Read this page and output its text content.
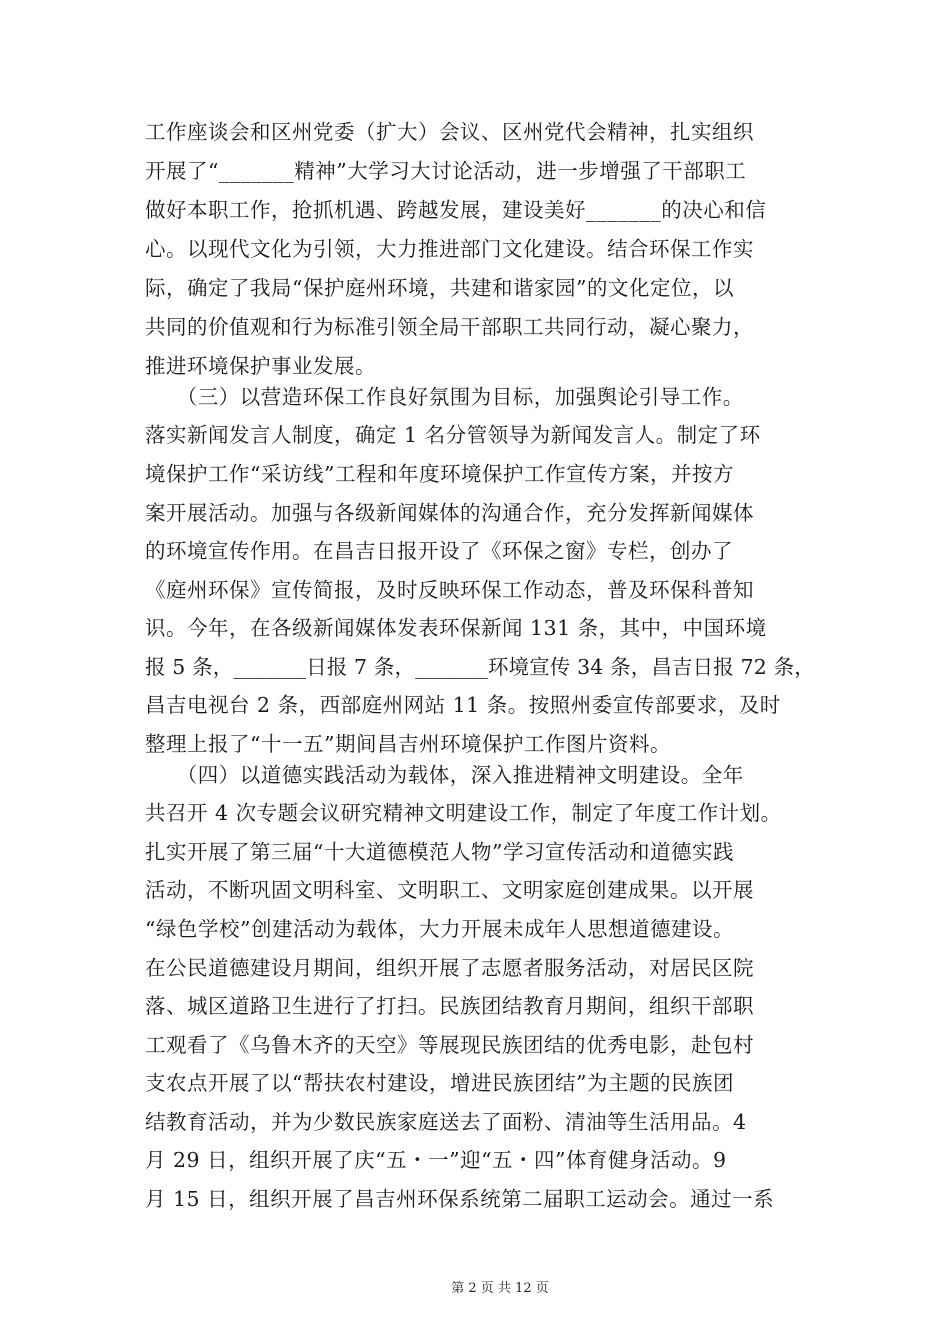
工作座谈会和区州党委（扩大）会议、区州党代会精神，扎实组织
开展了“_______精神”大学习大讨论活动，进一步增强了干部职工
做好本职工作，抢抓机遇、跨越发展，建设美好_______的决心和信
心。以现代文化为引领，大力推进部门文化建设。结合环保工作实
际，确定了我局“保护庭州环境，共建和谐家园”的文化定位，以
共同的价值观和行为标准引领全局干部职工共同行动，凝心聚力，
推进环境保护事业发展。
　　（三）以营造环保工作良好氛围为目标，加强舆论引导工作。
落实新闻发言人制度，确定 1 名分管领导为新闻发言人。制定了环
境保护工作“采访线”工程和年度环境保护工作宣传方案，并按方
案开展活动。加强与各级新闻媒体的沟通合作，充分发挥新闻媒体
的环境宣传作用。在昌吉日报开设了《环保之窗》专栏，创办了
《庭州环保》宣传简报，及时反映环保工作动态，普及环保科普知
识。今年，在各级新闻媒体发表环保新闻 131 条，其中，中国环境
报 5 条，_______日报 7 条，_______环境宣传 34 条，昌吉日报 72 条，
昌吉电视台 2 条，西部庭州网站 11 条。按照州委宣传部要求，及时
整理上报了“十一五”期间昌吉州环境保护工作图片资料。
　　（四）以道德实践活动为载体，深入推进精神文明建设。全年
共召开 4 次专题会议研究精神文明建设工作，制定了年度工作计划。
扎实开展了第三届“十大道德模范人物”学习宣传活动和道德实践
活动，不断巩固文明科室、文明职工、文明家庭创建成果。以开展
“绿色学校”创建活动为载体，大力开展未成年人思想道德建设。
在公民道德建设月期间，组织开展了志愿者服务活动，对居民区院
落、城区道路卫生进行了打扫。民族团结教育月期间，组织干部职
工观看了《乌鲁木齐的天空》等展现民族团结的优秀电影，赴包村
支农点开展了以“帮扶农村建设，增进民族团结”为主题的民族团
结教育活动，并为少数民族家庭送去了面粉、清油等生活用品。4
月 29 日，组织开展了庆“五・一”迎“五・四”体育健身活动。9
月 15 日，组织开展了昌吉州环保系统第二届职工运动会。通过一系
第 2 页 共 12 页
